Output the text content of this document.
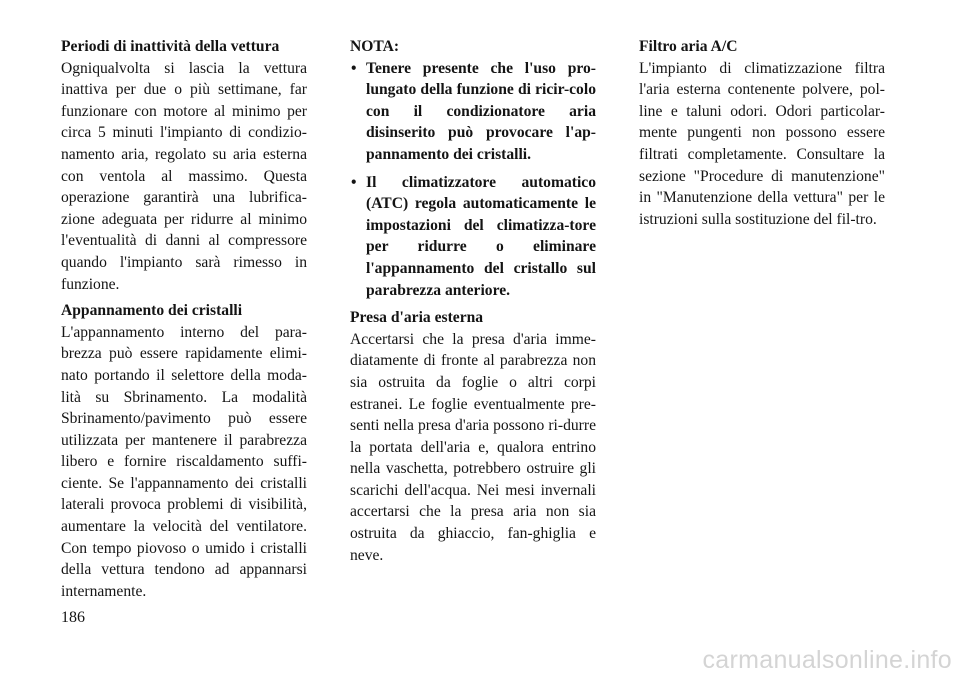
Periodi di inattività della vettura
Ogniqualvolta si lascia la vettura inattiva per due o più settimane, far funzionare con motore al minimo per circa 5 minuti l'impianto di condizio-namento aria, regolato su aria esterna con ventola al massimo. Questa operazione garantirà una lubrifica-zione adeguata per ridurre al minimo l'eventualità di danni al compressore quando l'impianto sarà rimesso in funzione.
Appannamento dei cristalli
L'appannamento interno del para-brezza può essere rapidamente elimi-nato portando il selettore della moda-lità su Sbrinamento. La modalità Sbrinamento/pavimento può essere utilizzata per mantenere il parabrezza libero e fornire riscaldamento suffi-ciente. Se l'appannamento dei cristalli laterali provoca problemi di visibilità, aumentare la velocità del ventilatore. Con tempo piovoso o umido i cristalli della vettura tendono ad appannarsi internamente.
NOTA:
• Tenere presente che l'uso pro-lungato della funzione di ricir-colo con il condizionatore aria disinserito può provocare l'ap-pannamento dei cristalli.
• Il climatizzatore automatico (ATC) regola automaticamente le impostazioni del climatizza-tore per ridurre o eliminare l'appannamento del cristallo sul parabrezza anteriore.
Presa d'aria esterna
Accertarsi che la presa d'aria imme-diatamente di fronte al parabrezza non sia ostruita da foglie o altri corpi estranei. Le foglie eventualmente pre-senti nella presa d'aria possono ri-durre la portata dell'aria e, qualora entrino nella vaschetta, potrebbero ostruire gli scarichi dell'acqua. Nei mesi invernali accertarsi che la presa aria non sia ostruita da ghiaccio, fan-ghiglia e neve.
Filtro aria A/C
L'impianto di climatizzazione filtra l'aria esterna contenente polvere, pol-line e taluni odori. Odori particolar-mente pungenti non possono essere filtrati completamente. Consultare la sezione "Procedure di manutenzione" in "Manutenzione della vettura" per le istruzioni sulla sostituzione del fil-tro.
186
carmanualsonline.info
